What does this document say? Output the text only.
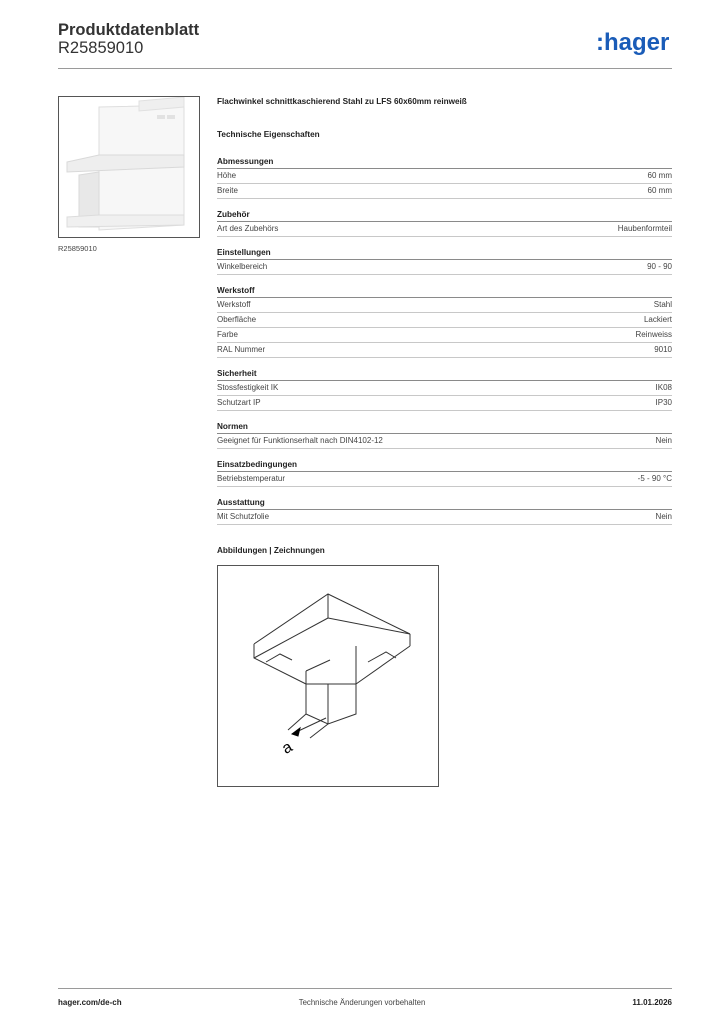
Produktdatenblatt
R25859010	:hager
R25859010
Flachwinkel schnittkaschierend Stahl zu LFS 60x60mm reinweiß
Technische Eigenschaften
Abmessungen
Höhe	60 mm
Breite	60 mm
Zubehör
Art des Zubehörs	Haubenformteil
Einstellungen
Winkelbereich	90 - 90
Werkstoff
Werkstoff	Stahl
Oberfläche	Lackiert
Farbe	Reinweiss
RAL Nummer	9010
Sicherheit
Stossfestigkeit IK	IK08
Schutzart IP	IP30
Normen
Geeignet für Funktionserhalt nach DIN4102-12	Nein
Einsatzbedingungen
Betriebstemperatur	-5 - 90 °C
Ausstattung
Mit Schutzfolie	Nein
Abbildungen | Zeichnungen
a
hager.com/de-ch	Technische Änderungen vorbehalten	11.01.2026
